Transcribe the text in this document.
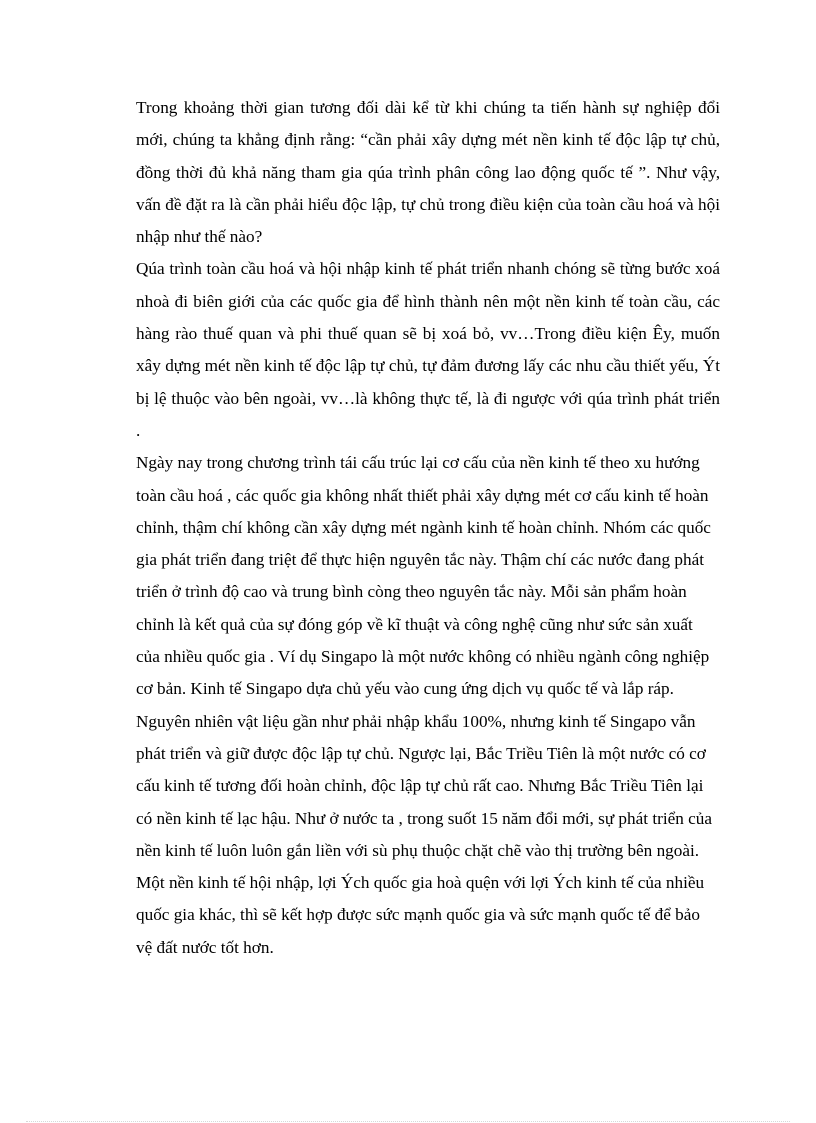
Trong khoảng thời gian tương đối dài kể từ khi chúng ta tiến hành sự nghiệp đổi mới, chúng ta khẳng định rằng: “cần phải xây dựng mét nền kinh tế độc lập tự chủ, đồng thời đủ khả năng tham gia qúa trình phân công lao động quốc tế ”. Như vậy, vấn đề đặt ra là cần phải hiểu độc lập, tự chủ trong điều kiện của toàn cầu hoá và hội nhập như thế nào?

Qúa trình toàn cầu hoá và hội nhập kinh tế phát triển nhanh chóng sẽ từng bước xoá nhoà đi biên giới của các quốc gia để hình thành nên một nền kinh tế toàn cầu, các hàng rào thuế quan và phi thuế quan sẽ bị xoá bỏ, vv…Trong điều kiện Êy, muốn xây dựng mét nền kinh tế độc lập tự chủ, tự đảm đương lấy các nhu cầu thiết yếu, Ýt bị lệ thuộc vào bên ngoài, vv…là không thực tế, là đi ngược với qúa trình phát triển .

Ngày nay trong chương trình tái cấu trúc lại cơ cấu của nền kinh tế theo xu hướng toàn cầu hoá , các quốc gia không nhất thiết phải xây dựng mét cơ cấu kinh tế hoàn chỉnh, thậm chí không cần xây dựng mét ngành kinh tế hoàn chỉnh. Nhóm các quốc gia phát triển đang triệt để thực hiện nguyên tắc này. Thậm chí các nước đang phát triển ở trình độ cao và trung bình còng theo nguyên tắc này. Mỗi sản phẩm hoàn chỉnh là kết quả của sự đóng góp về kĩ thuật và công nghệ cũng như sức sản xuất của nhiều quốc gia . Ví dụ Singapo là một nước không có nhiều ngành công nghiệp cơ bản. Kinh tế Singapo dựa chủ yếu vào cung ứng dịch vụ quốc tế và lắp ráp. Nguyên nhiên vật liệu gần như phải nhập khẩu 100%, nhưng kinh tế Singapo vẫn phát triển và giữ được độc lập tự chủ. Ngược lại, Bắc Triều Tiên là một nước có cơ cấu kinh tế tương đối hoàn chỉnh, độc lập tự chủ rất cao. Nhưng Bắc Triều Tiên lại có nền kinh tế lạc hậu. Như ở nước ta , trong suốt 15 năm đổi mới, sự phát triển của nền kinh tế luôn luôn gắn liền với sù phụ thuộc chặt chẽ vào thị trường bên ngoài. Một nền kinh tế hội nhập, lợi Ých quốc gia hoà quện với lợi Ých kinh tế của nhiều quốc gia khác, thì sẽ kết hợp được sức mạnh quốc gia và sức mạnh quốc tế để bảo vệ đất nước tốt hơn.
